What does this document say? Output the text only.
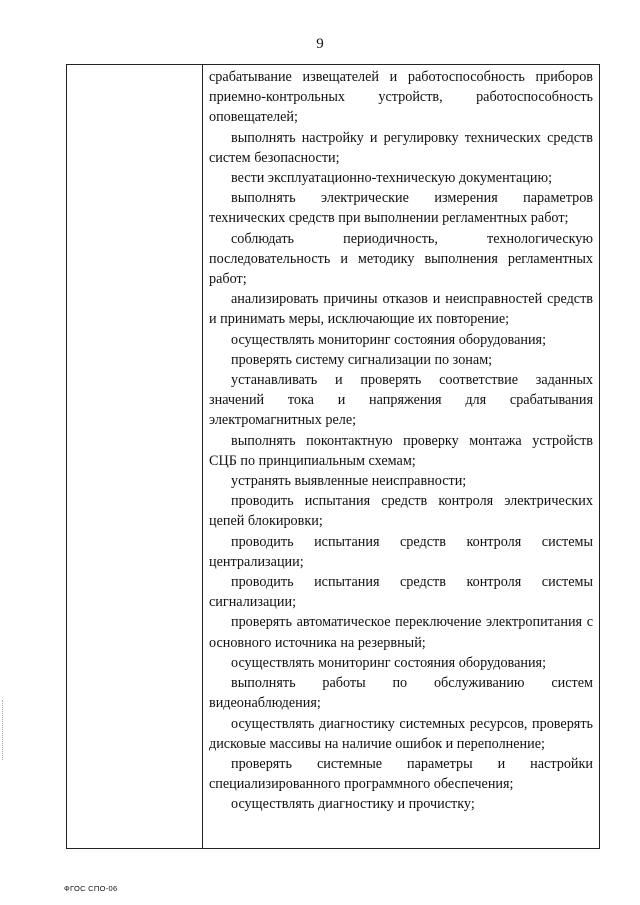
9

срабатывание извещателей и работоспособность приборов приемно-контрольных устройств, работоспособность оповещателей;

выполнять настройку и регулировку технических средств систем безопасности;

вести эксплуатационно-техническую документацию;

выполнять электрические измерения параметров технических средств при выполнении регламентных работ;

соблюдать периодичность, технологическую последовательность и методику выполнения регламентных работ;

анализировать причины отказов и неисправностей средств и принимать меры, исключающие их повторение;

осуществлять мониторинг состояния оборудования;

проверять систему сигнализации по зонам;

устанавливать и проверять соответствие заданных значений тока и напряжения для срабатывания электромагнитных реле;

выполнять поконтактную проверку монтажа устройств СЦБ по принципиальным схемам;

устранять выявленные неисправности;

проводить испытания средств контроля электрических цепей блокировки;

проводить испытания средств контроля системы централизации;

проводить испытания средств контроля системы сигнализации;

проверять автоматическое переключение электропитания с основного источника на резервный;

осуществлять мониторинг состояния оборудования;

выполнять работы по обслуживанию систем видеонаблюдения;

осуществлять диагностику системных ресурсов, проверять дисковые массивы на наличие ошибок и переполнение;

проверять системные параметры и настройки специализированного программного обеспечения;

осуществлять диагностику и прочистку;

ФГОС СПО-06
